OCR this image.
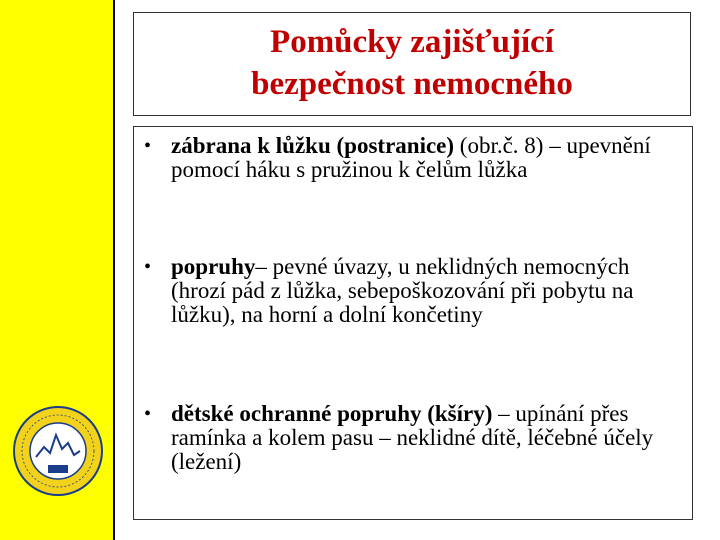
Pomůcky zajišťující
bezpečnost nemocného
• zábrana k lůžku (postranice) (obr.č. 8) – upevnění pomocí háku s pružinou k čelům lůžka
• popruhy– pevné úvazy, u neklidných nemocných (hrozí pád z lůžka, sebepoškozování při pobytu na lůžku), na horní a dolní končetiny
• dětské ochranné popruhy (kšíry) – upínání přes ramínka a kolem pasu – neklidné dítě, léčebné účely (ležení)
